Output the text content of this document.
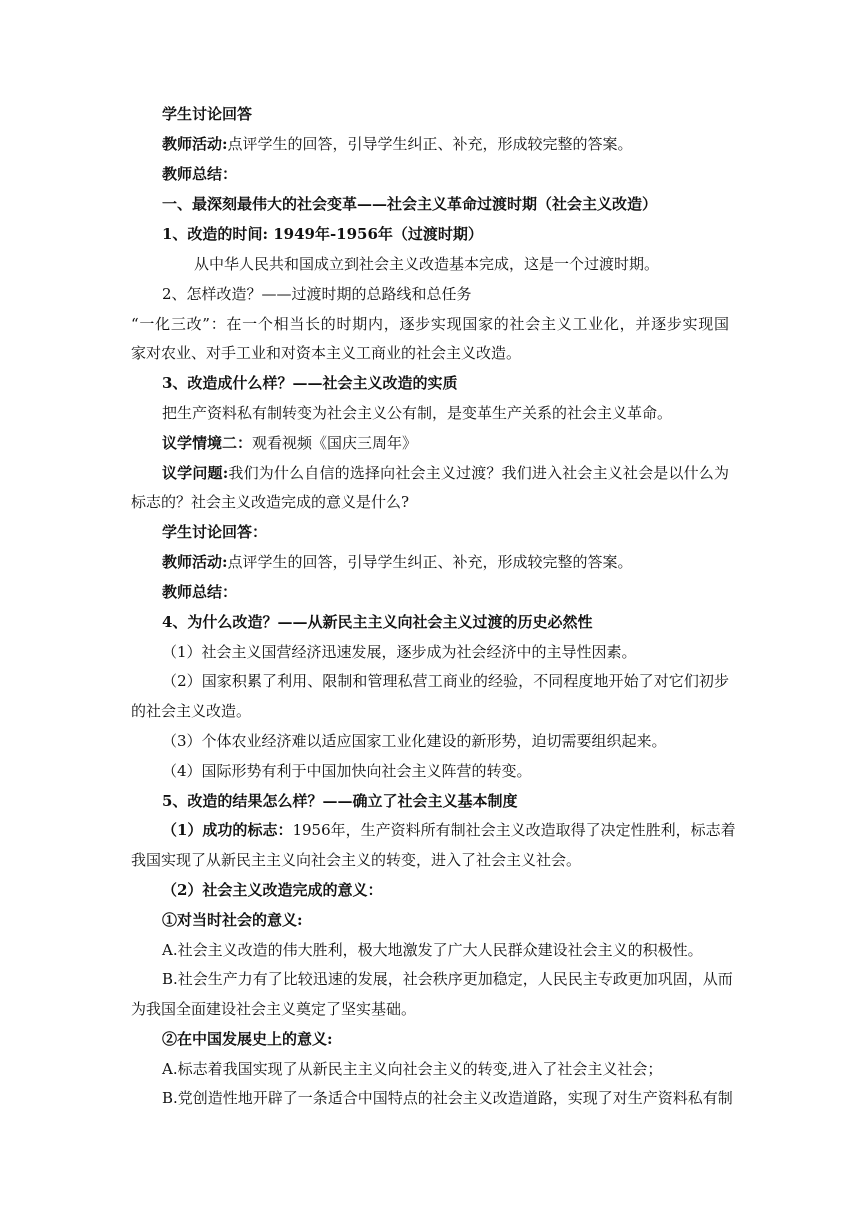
学生讨论回答
教师活动:点评学生的回答，引导学生纠正、补充，形成较完整的答案。
教师总结：
一、最深刻最伟大的社会变革——社会主义革命过渡时期（社会主义改造）
1、改造的时间: 1949年-1956年（过渡时期）
从中华人民共和国成立到社会主义改造基本完成，这是一个过渡时期。
2、怎样改造？——过渡时期的总路线和总任务
“一化三改”：在一个相当长的时期内，逐步实现国家的社会主义工业化，并逐步实现国
家对农业、对手工业和对资本主义工商业的社会主义改造。
3、改造成什么样？——社会主义改造的实质
把生产资料私有制转变为社会主义公有制，是变革生产关系的社会主义革命。
议学情境二：观看视频《国庆三周年》
议学问题:我们为什么自信的选择向社会主义过渡？我们进入社会主义社会是以什么为
标志的？社会主义改造完成的意义是什么?
学生讨论回答：
教师活动:点评学生的回答，引导学生纠正、补充，形成较完整的答案。
教师总结：
4、为什么改造？——从新民主主义向社会主义过渡的历史必然性
（1）社会主义国营经济迅速发展，逐步成为社会经济中的主导性因素。
（2）国家积累了利用、限制和管理私营工商业的经验，不同程度地开始了对它们初步
的社会主义改造。
（3）个体农业经济难以适应国家工业化建设的新形势，迫切需要组织起来。
（4）国际形势有利于中国加快向社会主义阵营的转变。
5、改造的结果怎么样？——确立了社会主义基本制度
（1）成功的标志：1956年，生产资料所有制社会主义改造取得了决定性胜利，标志着
我国实现了从新民主主义向社会主义的转变，进入了社会主义社会。
（2）社会主义改造完成的意义：
①对当时社会的意义:
A.社会主义改造的伟大胜利，极大地激发了广大人民群众建设社会主义的积极性。
B.社会生产力有了比较迅速的发展，社会秩序更加稳定，人民民主专政更加巩固，从而
为我国全面建设社会主义奠定了坚实基础。
②在中国发展史上的意义:
A.标志着我国实现了从新民主主义向社会主义的转变,进入了社会主义社会；
B.党创造性地开辟了一条适合中国特点的社会主义改造道路，实现了对生产资料私有制
